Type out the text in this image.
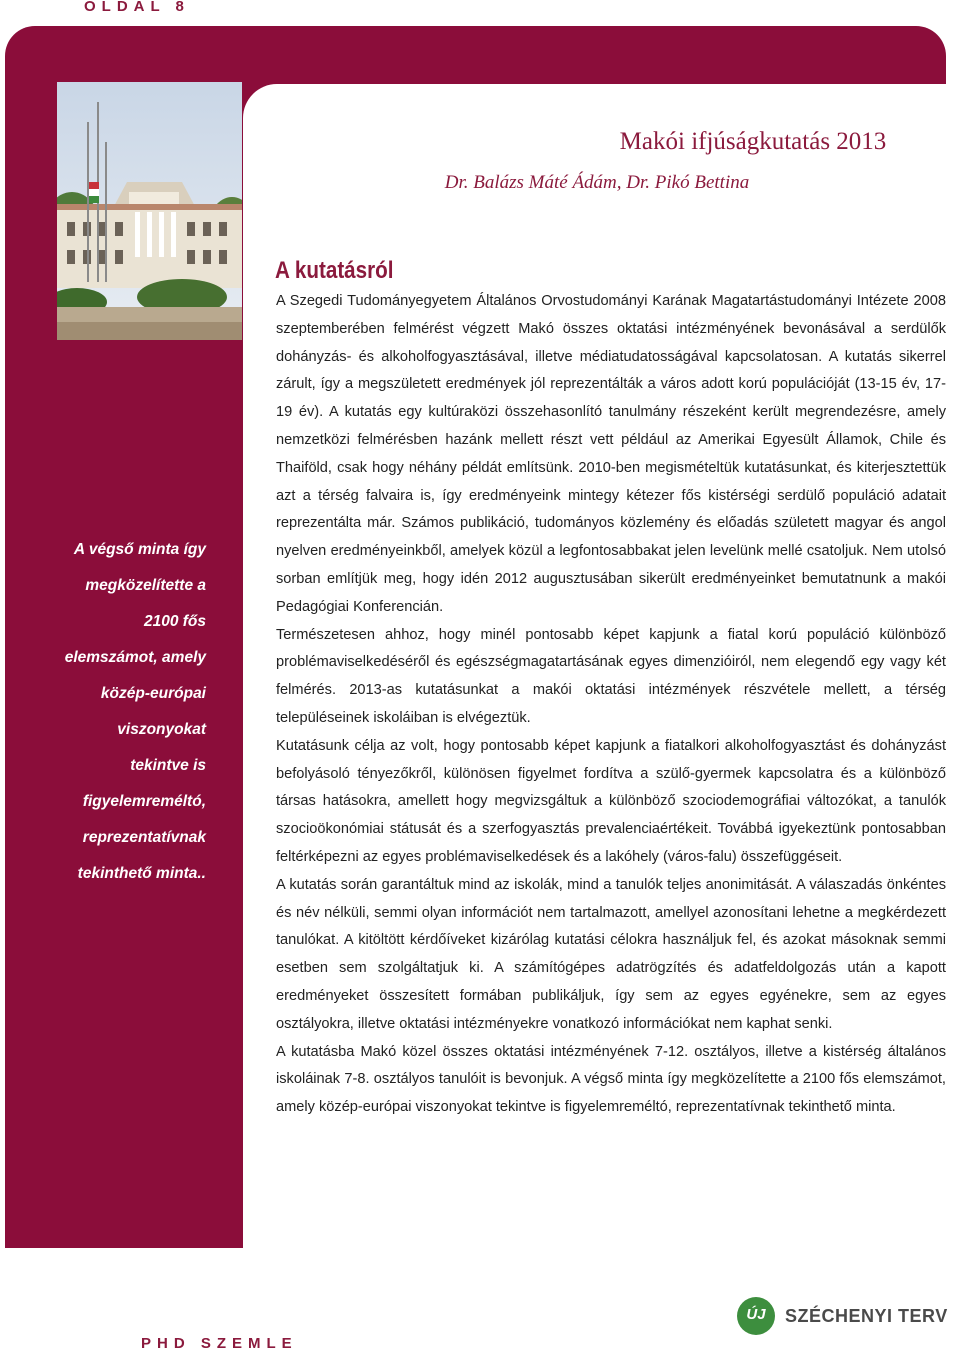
OLDAL 8
Makói ifjúságkutatás 2013
Dr. Balázs Máté Ádám, Dr. Pikó Bettina
A végső minta így megközelítette a 2100 fős elemszámot, amely közép-európai viszonyokat tekintve is figyelemreméltó, reprezentatívnak tekinthető minta..
A kutatásról

A Szegedi Tudományegyetem Általános Orvostudományi Karának Magatartástudományi Intézete 2008 szeptemberében felmérést végzett Makó összes oktatási intézményének bevonásával a serdülők dohányzás- és alkoholfogyasztásával, illetve médiatudatosságával kapcsolatosan. A kutatás sikerrel zárult, így a megszületett eredmények jól reprezentálták a város adott korú populációját (13-15 év, 17-19 év). A kutatás egy kultúraközi összehasonlító tanulmány részeként került megrendezésre, amely nemzetközi felmérésben hazánk mellett részt vett például az Amerikai Egyesült Államok, Chile és Thaiföld, csak hogy néhány példát említsünk. 2010-ben megismételtük kutatásunkat, és kiterjesztettük azt a térség falvaira is, így eredményeink mintegy kétezer fős kistérségi serdülő populáció adatait reprezentálta már. Számos publikáció, tudományos közlemény és előadás született magyar és angol nyelven eredményeinkből, amelyek közül a legfontosabbakat jelen levelünk mellé csatoljuk. Nem utolsó sorban említjük meg, hogy idén 2012 augusztusában sikerült eredményeinket bemutatnunk a makói Pedagógiai Konferencián.

Természetesen ahhoz, hogy minél pontosabb képet kapjunk a fiatal korú populáció különböző problémaviselkedéséről és egészségmagatartásának egyes dimenzióiról, nem elegendő egy vagy két felmérés. 2013-as kutatásunkat a makói oktatási intézmények részvétele mellett, a térség településeinek iskoláiban is elvégeztük.

Kutatásunk célja az volt, hogy pontosabb képet kapjunk a fiatalkori alkoholfogyasztást és dohányzást befolyásoló tényezőkről, különösen figyelmet fordítva a szülő-gyermek kapcsolatra és a különböző társas hatásokra, amellett hogy megvizsgáltuk a különböző szociodemográfiai változókat, a tanulók szocioökonómiai státusát és a szerfogyasztás prevalenciaértékeit. Továbbá igyekeztünk pontosabban feltérképezni az egyes problémaviselkedések és a lakóhely (város-falu) összefüggéseit.

A kutatás során garantáltuk mind az iskolák, mind a tanulók teljes anonimitását. A válaszadás önkéntes és név nélküli, semmi olyan információt nem tartalmazott, amellyel azonosítani lehetne a megkérdezett tanulókat. A kitöltött kérdőíveket kizárólag kutatási célokra használjuk fel, és azokat másoknak semmi esetben sem szolgáltatjuk ki. A számítógépes adatrögzítés és adatfeldolgozás után a kapott eredményeket összesített formában publikáljuk, így sem az egyes egyénekre, sem az egyes osztályokra, illetve oktatási intézményekre vonatkozó információkat nem kaphat senki.

A kutatásba Makó közel összes oktatási intézményének 7-12. osztályos, illetve a kistérség általános iskoláinak 7-8. osztályos tanulóit is bevonjuk. A végső minta így megközelítette a 2100 fős elemszámot, amely közép-európai viszonyokat tekintve is figyelemreméltó, reprezentatívnak tekinthető minta.

PHD SZEMLE
ÚJ	SZÉCHENYI TERV
